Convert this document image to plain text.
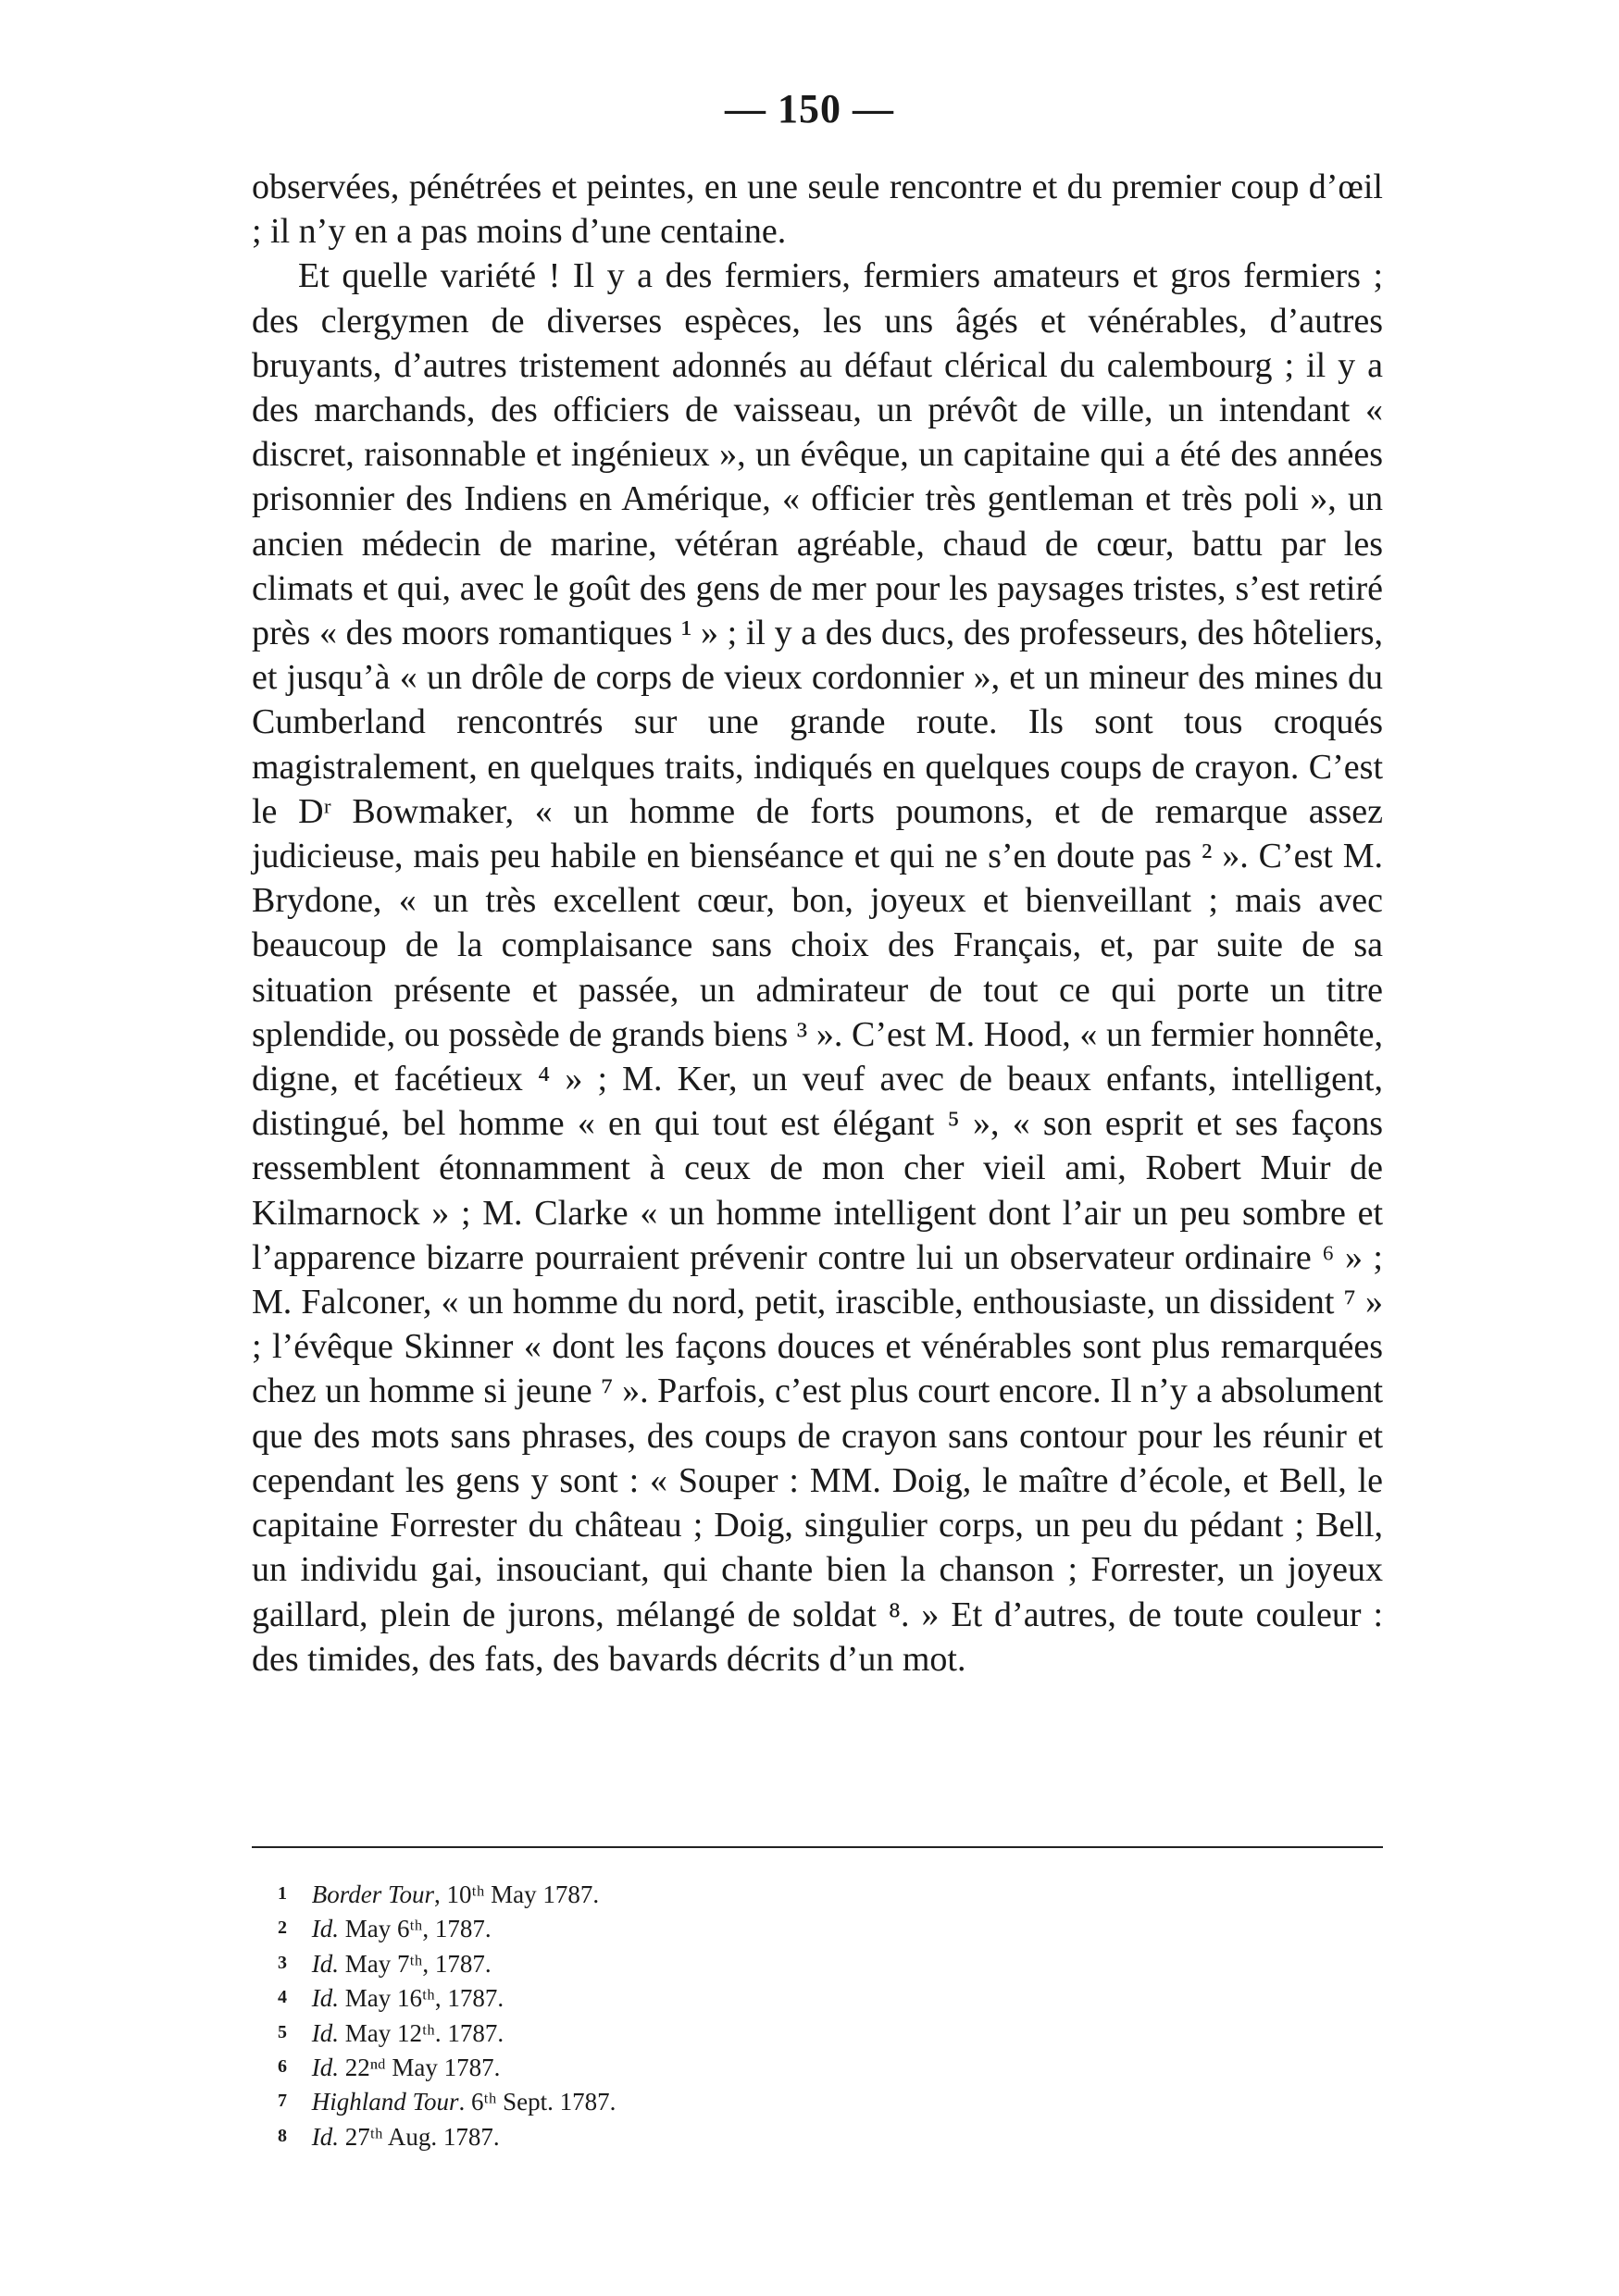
— 150 —

observées, pénétrées et peintes, en une seule rencontre et du premier coup d’œil ; il n’y en a pas moins d’une centaine.

Et quelle variété ! Il y a des fermiers, fermiers amateurs et gros fermiers ; des clergymen de diverses espèces, les uns âgés et vénérables, d’autres bruyants, d’autres tristement adonnés au défaut clérical du calembourg ; il y a des marchands, des officiers de vaisseau, un prévôt de ville, un intendant « discret, raisonnable et ingénieux », un évêque, un capitaine qui a été des années prisonnier des Indiens en Amérique, « officier très gentleman et très poli », un ancien médecin de marine, vétéran agréable, chaud de cœur, battu par les climats et qui, avec le goût des gens de mer pour les paysages tristes, s’est retiré près « des moors romantiques ¹ » ; il y a des ducs, des professeurs, des hôteliers, et jusqu’à « un drôle de corps de vieux cordonnier », et un mineur des mines du Cumberland rencontrés sur une grande route. Ils sont tous croqués magistralement, en quelques traits, indiqués en quelques coups de crayon. C’est le Dʳ Bowmaker, « un homme de forts poumons, et de remarque assez judicieuse, mais peu habile en bienséance et qui ne s’en doute pas ² ». C’est M. Brydone, « un très excellent cœur, bon, joyeux et bienveillant ; mais avec beaucoup de la complaisance sans choix des Français, et, par suite de sa situation présente et passée, un admirateur de tout ce qui porte un titre splendide, ou possède de grands biens ³ ». C’est M. Hood, « un fermier honnête, digne, et facétieux ⁴ » ; M. Ker, un veuf avec de beaux enfants, intelligent, distingué, bel homme « en qui tout est élégant ⁵ », « son esprit et ses façons ressemblent étonnamment à ceux de mon cher vieil ami, Robert Muir de Kilmarnock » ; M. Clarke « un homme intelligent dont l’air un peu sombre et l’apparence bizarre pourraient prévenir contre lui un observateur ordinaire ⁶ » ; M. Falconer, « un homme du nord, petit, irascible, enthousiaste, un dissident ⁷ » ; l’évêque Skinner « dont les façons douces et vénérables sont plus remarquées chez un homme si jeune ⁷ ». Parfois, c’est plus court encore. Il n’y a absolument que des mots sans phrases, des coups de crayon sans contour pour les réunir et cependant les gens y sont : « Souper : MM. Doig, le maître d’école, et Bell, le capitaine Forrester du château ; Doig, singulier corps, un peu du pédant ; Bell, un individu gai, insouciant, qui chante bien la chanson ; Forrester, un joyeux gaillard, plein de jurons, mélangé de soldat ⁸. » Et d’autres, de toute couleur : des timides, des fats, des bavards décrits d’un mot.

1 Border Tour, 10ᵗʰ May 1787.
2 Id. May 6ᵗʰ, 1787.
3 Id. May 7ᵗʰ, 1787.
4 Id. May 16ᵗʰ, 1787.
5 Id. May 12ᵗʰ. 1787.
6 Id. 22ⁿᵈ May 1787.
7 Highland Tour. 6ᵗʰ Sept. 1787.
8 Id. 27ᵗʰ Aug. 1787.
